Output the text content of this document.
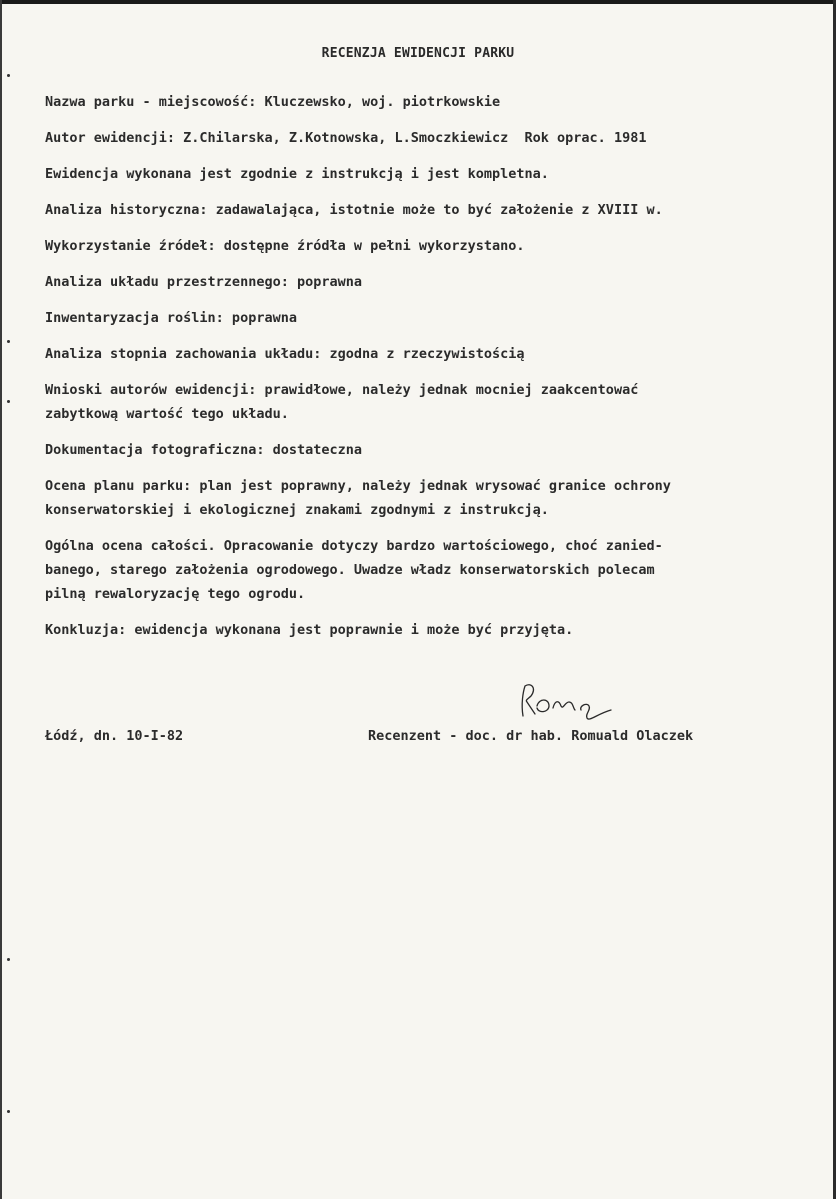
RECENZJA EWIDENCJI PARKU
Nazwa parku - miejscowość: Kluczewsko, woj. piotrkowskie
Autor ewidencji: Z.Chilarska, Z.Kotnowska, L.Smoczkiewicz  Rok oprac. 1981
Ewidencja wykonana jest zgodnie z instrukcją i jest kompletna.
Analiza historyczna: zadawalająca, istotnie może to być założenie z XVIII w.
Wykorzystanie źródeł: dostępne źródła w pełni wykorzystano.
Analiza układu przestrzennego: poprawna
Inwentaryzacja roślin: poprawna
Analiza stopnia zachowania układu: zgodna z rzeczywistością
Wnioski autorów ewidencji: prawidłowe, należy jednak mocniej zaakcentować
zabytkową wartość tego układu.
Dokumentacja fotograficzna: dostateczna
Ocena planu parku: plan jest poprawny, należy jednak wrysować granice ochrony
konserwatorskiej i ekologicznej znakami zgodnymi z instrukcją.
Ogólna ocena całości. Opracowanie dotyczy bardzo wartościowego, choć zanied-
banego, starego założenia ogrodowego. Uwadze władz konserwatorskich polecam
pilną rewaloryzację tego ogrodu.
Konkluzja: ewidencja wykonana jest poprawnie i może być przyjęta.
Łódź, dn. 10-I-82	Recenzent - doc. dr hab. Romuald Olaczek
